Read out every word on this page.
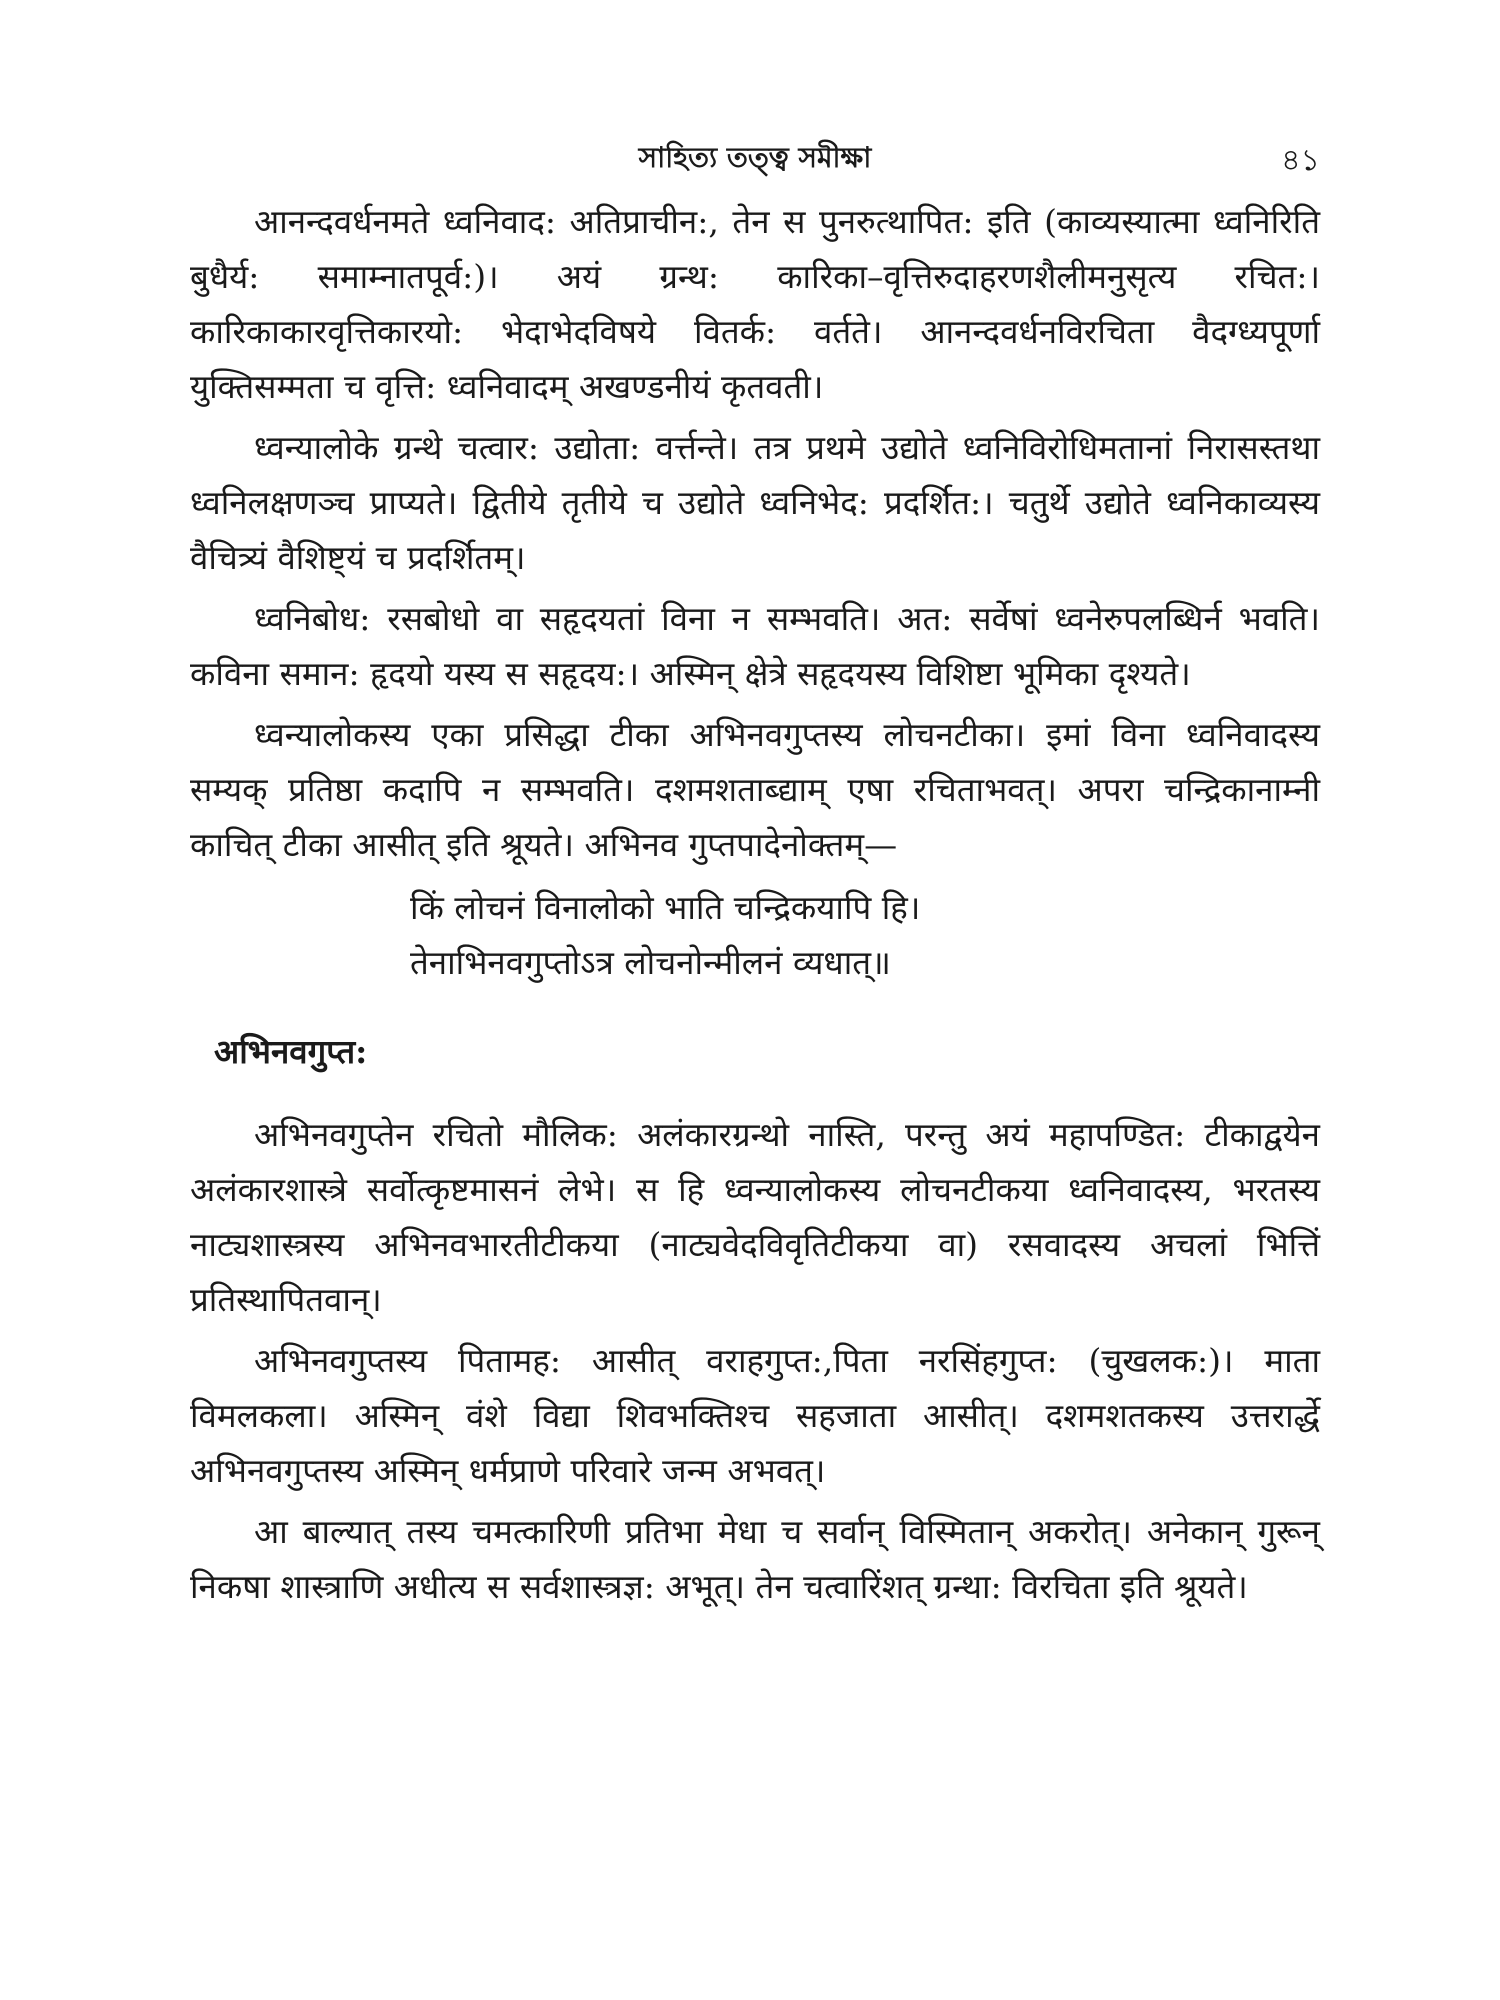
সাহিত্য তত্ত্ব সমীক্ষা	৪১

आनन्दवर्धनमते ध्वनिवाद: अतिप्राचीन:, तेन स पुनरुत्थापित: इति (काव्यस्यात्मा ध्वनिरिति बुधैर्य: समाम्नातपूर्व:)। अयं ग्रन्थ: कारिका–वृत्तिरुदाहरणशैलीमनुसृत्य रचित:। कारिकाकारवृत्तिकारयो: भेदाभेदविषये वितर्क: वर्तते। आनन्दवर्धनविरचिता वैदग्ध्यपूर्णा युक्तिसम्मता च वृत्ति: ध्वनिवादम् अखण्डनीयं कृतवती।

ध्वन्यालोके ग्रन्थे चत्वार: उद्योता: वर्त्तन्ते। तत्र प्रथमे उद्योते ध्वनिविरोधिमतानां निरासस्तथा ध्वनिलक्षणञ्च प्राप्यते। द्वितीये तृतीये च उद्योते ध्वनिभेद: प्रदर्शित:। चतुर्थे उद्योते ध्वनिकाव्यस्य वैचित्र्यं वैशिष्ट्यं च प्रदर्शितम्।

ध्वनिबोध: रसबोधो वा सहृदयतां विना न सम्भवति। अत: सर्वेषां ध्वनेरुपलब्धिर्न भवति। कविना समान: हृदयो यस्य स सहृदय:। अस्मिन् क्षेत्रे सहृदयस्य विशिष्टा भूमिका दृश्यते।

ध्वन्यालोकस्य एका प्रसिद्धा टीका अभिनवगुप्तस्य लोचनटीका। इमां विना ध्वनिवादस्य सम्यक् प्रतिष्ठा कदापि न सम्भवति। दशमशताब्द्याम् एषा रचिताभवत्। अपरा चन्द्रिकानाम्नी काचित् टीका आसीत् इति श्रूयते। अभिनव गुप्तपादेनोक्तम्—

किं लोचनं विनालोको भाति चन्द्रिकयापि हि।
तेनाभिनवगुप्तोऽत्र लोचनोन्मीलनं व्यधात्॥
अभिनवगुप्त:

अभिनवगुप्तेन रचितो मौलिक: अलंकारग्रन्थो नास्ति, परन्तु अयं महापण्डित: टीकाद्वयेन अलंकारशास्त्रे सर्वोत्कृष्टमासनं लेभे। स हि ध्वन्यालोकस्य लोचनटीकया ध्वनिवादस्य, भरतस्य नाट्यशास्त्रस्य अभिनवभारतीटीकया (नाट्यवेदविवृतिटीकया वा) रसवादस्य अचलां भित्तिं प्रतिस्थापितवान्।

अभिनवगुप्तस्य पितामह: आसीत् वराहगुप्त:,पिता नरसिंहगुप्त: (चुखलक:)। माता विमलकला। अस्मिन् वंशे विद्या शिवभक्तिश्च सहजाता आसीत्। दशमशतकस्य उत्तरार्द्धे अभिनवगुप्तस्य अस्मिन् धर्मप्राणे परिवारे जन्म अभवत्।

आ बाल्यात् तस्य चमत्कारिणी प्रतिभा मेधा च सर्वान् विस्मितान् अकरोत्। अनेकान् गुरून् निकषा शास्त्राणि अधीत्य स सर्वशास्त्रज्ञ: अभूत्। तेन चत्वारिंशत् ग्रन्था: विरचिता इति श्रूयते।
